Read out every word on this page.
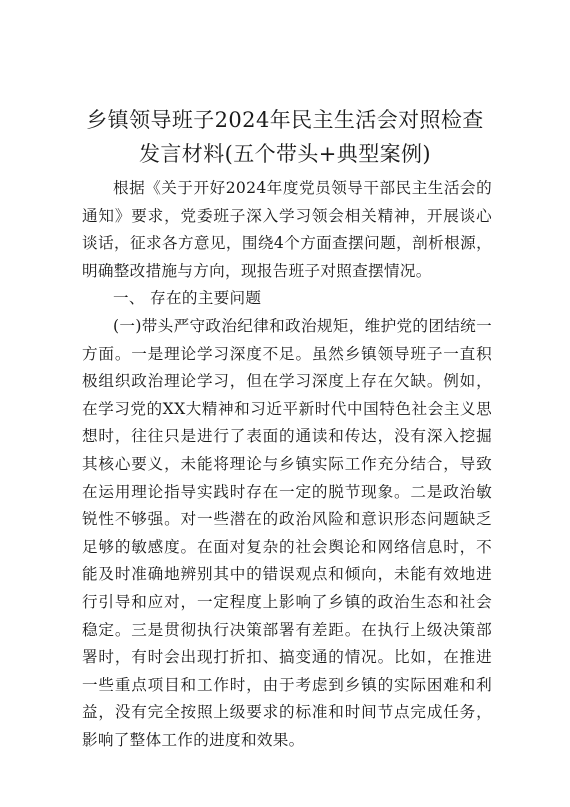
乡镇领导班子2024年民主生活会对照检查
发言材料(五个带头+典型案例)

根据《关于开好2024年度党员领导干部民主生活会的通知》要求，党委班子深入学习领会相关精神，开展谈心谈话，征求各方意见，围绕4个方面查摆问题，剖析根源，明确整改措施与方向，现报告班子对照查摆情况。

一、 存在的主要问题

(一)带头严守政治纪律和政治规矩，维护党的团结统一方面。一是理论学习深度不足。虽然乡镇领导班子一直积极组织政治理论学习，但在学习深度上存在欠缺。例如，在学习党的XX大精神和习近平新时代中国特色社会主义思想时，往往只是进行了表面的通读和传达，没有深入挖掘其核心要义，未能将理论与乡镇实际工作充分结合，导致在运用理论指导实践时存在一定的脱节现象。二是政治敏锐性不够强。对一些潜在的政治风险和意识形态问题缺乏足够的敏感度。在面对复杂的社会舆论和网络信息时，不能及时准确地辨别其中的错误观点和倾向，未能有效地进行引导和应对，一定程度上影响了乡镇的政治生态和社会稳定。三是贯彻执行决策部署有差距。在执行上级决策部署时，有时会出现打折扣、搞变通的情况。比如，在推进一些重点项目和工作时，由于考虑到乡镇的实际困难和利益，没有完全按照上级要求的标准和时间节点完成任务，影响了整体工作的进度和效果。
